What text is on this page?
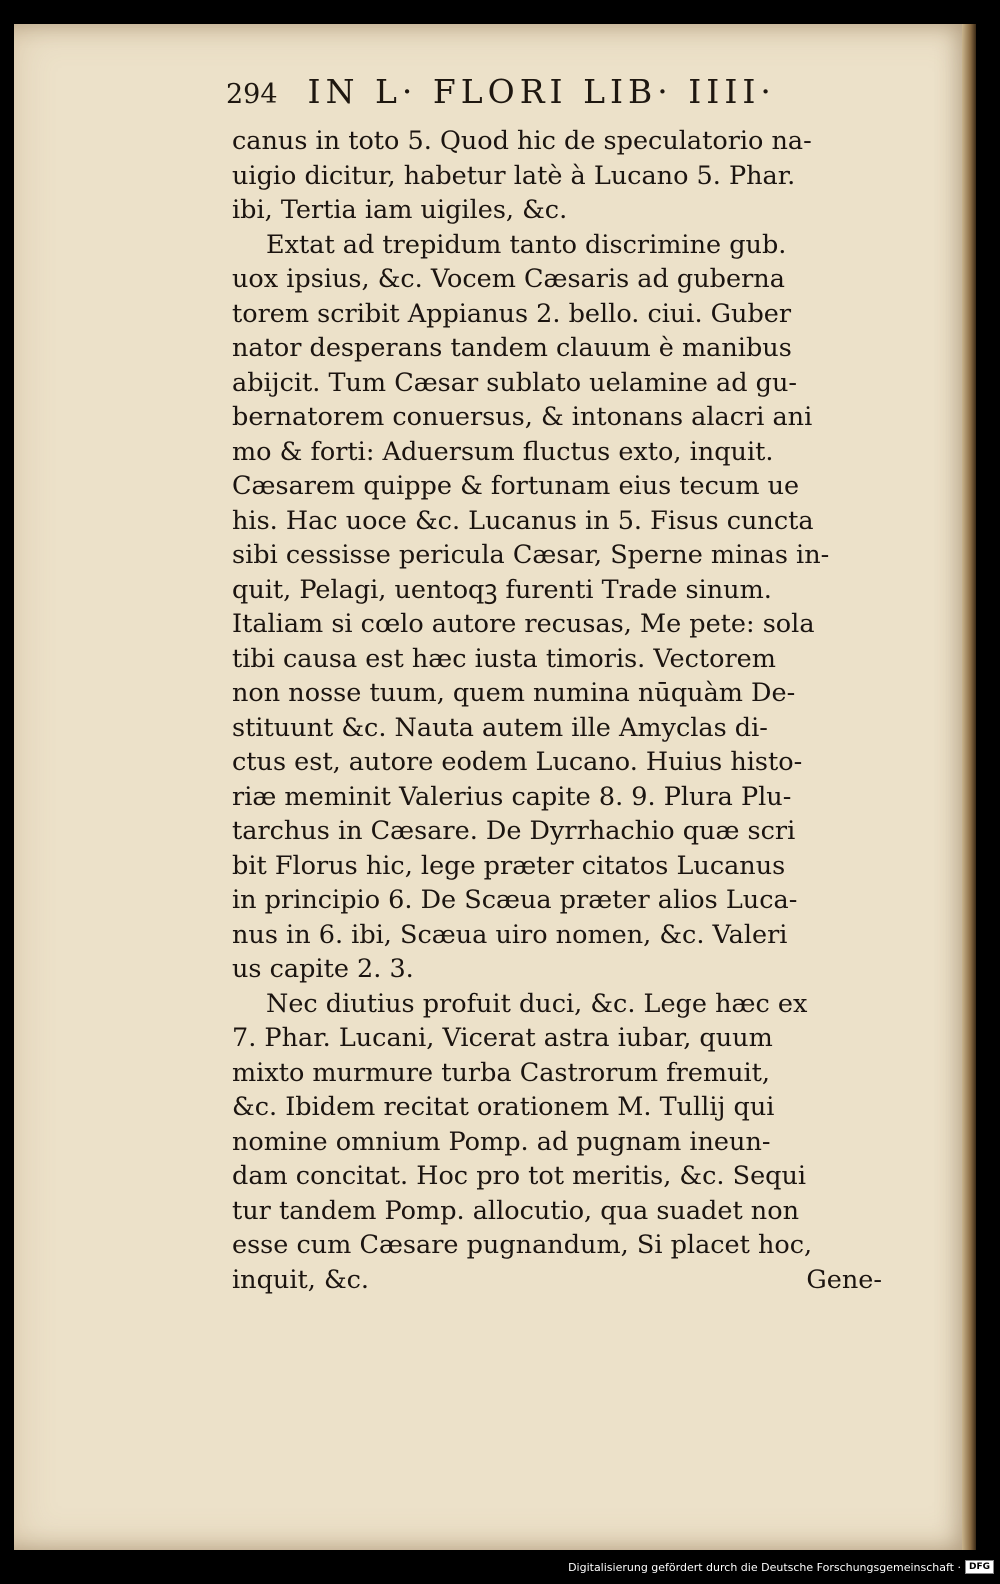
294 IN L· FLORI LIB· IIII·
canus in toto 5. Quod hic de speculatorio na-
uigio dicitur, habetur latè à Lucano 5. Phar.
ibi, Tertia iam uigiles, &c.
Extat ad trepidum tanto discrimine gub.
uox ipsius, &c. Vocem Cæsaris ad guberna
torem scribit Appianus 2. bello. ciui. Guber
nator desperans tandem clauum è manibus
abijcit. Tum Cæsar sublato uelamine ad gu-
bernatorem conuersus, & intonans alacri ani
mo & forti: Aduersum fluctus exto, inquit.
Cæsarem quippe & fortunam eius tecum ue
his. Hac uoce &c. Lucanus in 5. Fisus cuncta
sibi cessisse pericula Cæsar, Sperne minas in-
quit, Pelagi, uentoqꝫ furenti Trade sinum.
Italiam si cœlo autore recusas, Me pete: sola
tibi causa est hæc iusta timoris. Vectorem
non nosse tuum, quem numina nūquàm De-
stituunt &c. Nauta autem ille Amyclas di-
ctus est, autore eodem Lucano. Huius histo-
riæ meminit Valerius capite 8. 9. Plura Plu-
tarchus in Cæsare. De Dyrrhachio quæ scri
bit Florus hic, lege præter citatos Lucanus
in principio 6. De Scæua præter alios Luca-
nus in 6. ibi, Scæua uiro nomen, &c. Valeri
us capite 2. 3.
Nec diutius profuit duci, &c. Lege hæc ex
7. Phar. Lucani, Vicerat astra iubar, quum
mixto murmure turba Castrorum fremuit,
&c. Ibidem recitat orationem M. Tullij qui
nomine omnium Pomp. ad pugnam ineun-
dam concitat. Hoc pro tot meritis, &c. Sequi
tur tandem Pomp. allocutio, qua suadet non
esse cum Cæsare pugnandum, Si placet hoc,
inquit, &c.	Gene-
Digitalisierung gefördert durch die Deutsche Forschungsgemeinschaft · DFG
